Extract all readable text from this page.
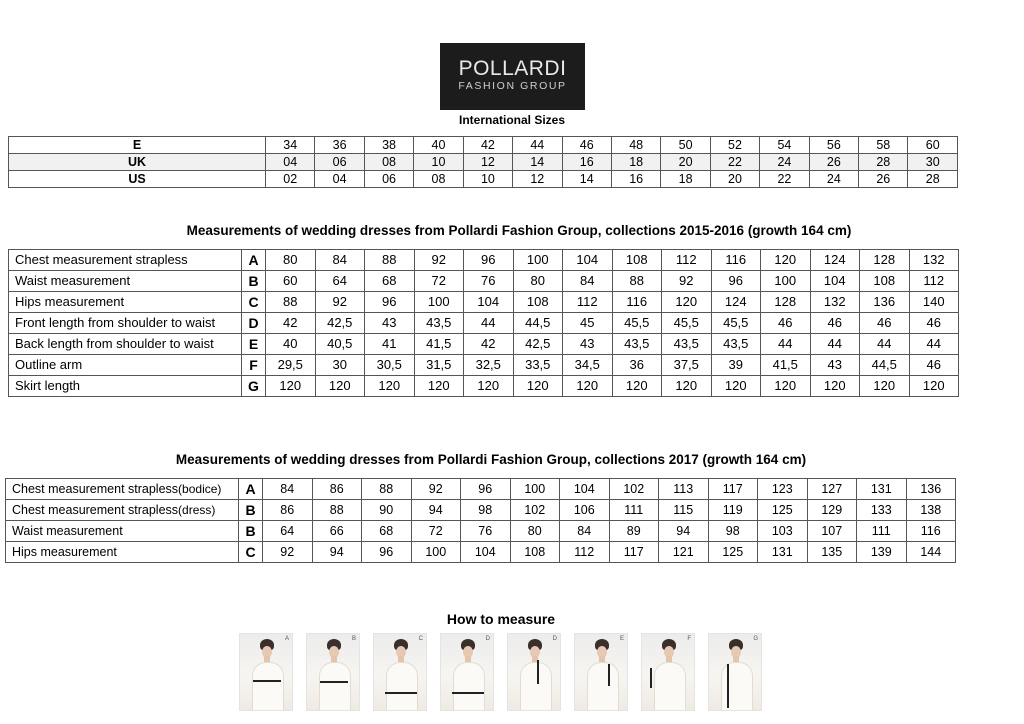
POLLARDI
FASHION GROUP
International Sizes
E	34	36	38	40	42	44	46	48	50	52	54	56	58	60
UK	04	06	08	10	12	14	16	18	20	22	24	26	28	30
US	02	04	06	08	10	12	14	16	18	20	22	24	26	28
Measurements of wedding dresses from Pollardi Fashion Group, collections 2015-2016 (growth 164 cm)
Chest measurement strapless	A	80	84	88	92	96	100	104	108	112	116	120	124	128	132
Waist measurement	B	60	64	68	72	76	80	84	88	92	96	100	104	108	112
Hips measurement	C	88	92	96	100	104	108	112	116	120	124	128	132	136	140
Front length from shoulder to waist	D	42	42,5	43	43,5	44	44,5	45	45,5	45,5	45,5	46	46	46	46
Back length from shoulder to waist	E	40	40,5	41	41,5	42	42,5	43	43,5	43,5	43,5	44	44	44	44
Outline arm	F	29,5	30	30,5	31,5	32,5	33,5	34,5	36	37,5	39	41,5	43	44,5	46
Skirt length	G	120	120	120	120	120	120	120	120	120	120	120	120	120	120
Measurements of wedding dresses from Pollardi Fashion Group, collections 2017 (growth 164 cm)
Chest measurement strapless(bodice)	A	84	86	88	92	96	100	104	102	113	117	123	127	131	136
Chest measurement strapless(dress)	B	86	88	90	94	98	102	106	111	115	119	125	129	133	138
Waist measurement	B	64	66	68	72	76	80	84	89	94	98	103	107	111	116
Hips measurement	C	92	94	96	100	104	108	112	117	121	125	131	135	139	144
How to measure
A	B	C	D	D	E	F	G
